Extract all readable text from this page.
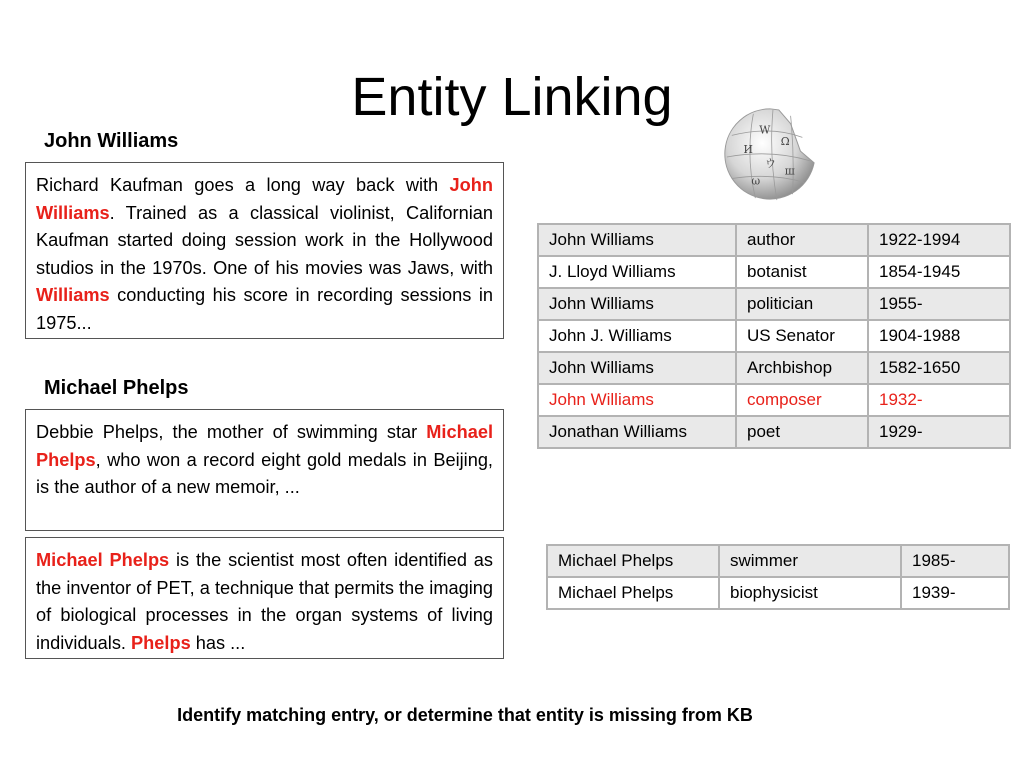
Entity Linking
John Williams
Richard Kaufman goes a long way back with John Williams. Trained as a classical violinist, Californian Kaufman started doing session work in the Hollywood studios in the 1970s. One of his movies was Jaws, with Williams conducting his score in recording sessions in 1975...
Michael Phelps
Debbie Phelps, the mother of swimming star Michael Phelps, who won a record eight gold medals in Beijing, is the author of a new memoir, ...
Michael Phelps is the scientist most often identified as the inventor of PET, a technique that permits the imaging of biological processes in the organ systems of living individuals. Phelps has ...
W
Ω
И
ウ
ш
ω
John Williams	author	1922-1994
J. Lloyd Williams	botanist	1854-1945
John Williams	politician	1955-
John J. Williams	US Senator	1904-1988
John Williams	Archbishop	1582-1650
John Williams	composer	1932-
Jonathan Williams	poet	1929-
Michael Phelps	swimmer	1985-
Michael Phelps	biophysicist	1939-
Identify matching entry, or determine that entity is missing from KB
